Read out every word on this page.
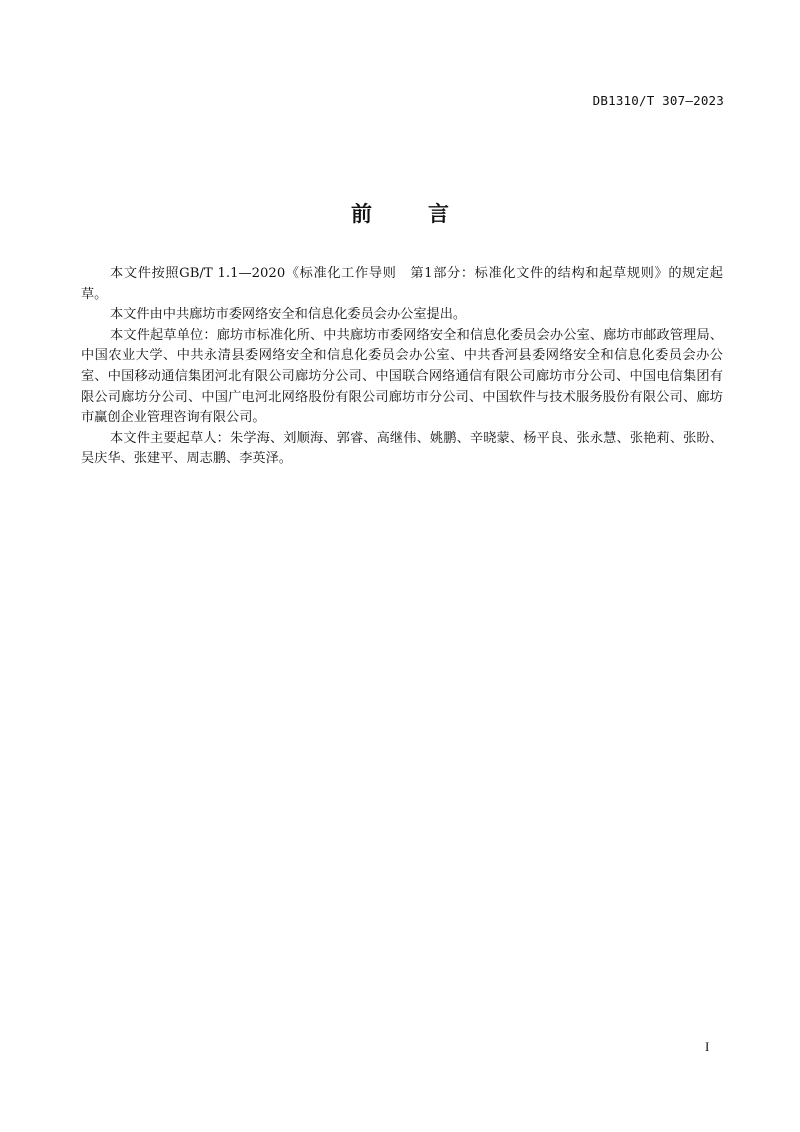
DB1310/T 307—2023
前	言

本文件按照GB/T 1.1—2020《标准化工作导则　第1部分：标准化文件的结构和起草规则》的规定起草。

本文件由中共廊坊市委网络安全和信息化委员会办公室提出。

本文件起草单位：廊坊市标准化所、中共廊坊市委网络安全和信息化委员会办公室、廊坊市邮政管理局、中国农业大学、中共永清县委网络安全和信息化委员会办公室、中共香河县委网络安全和信息化委员会办公室、中国移动通信集团河北有限公司廊坊分公司、中国联合网络通信有限公司廊坊市分公司、中国电信集团有限公司廊坊分公司、中国广电河北网络股份有限公司廊坊市分公司、中国软件与技术服务股份有限公司、廊坊市赢创企业管理咨询有限公司。

本文件主要起草人：朱学海、刘顺海、郭睿、高继伟、姚鹏、辛晓蒙、杨平良、张永慧、张艳莉、张盼、吴庆华、张建平、周志鹏、李英泽。

I
